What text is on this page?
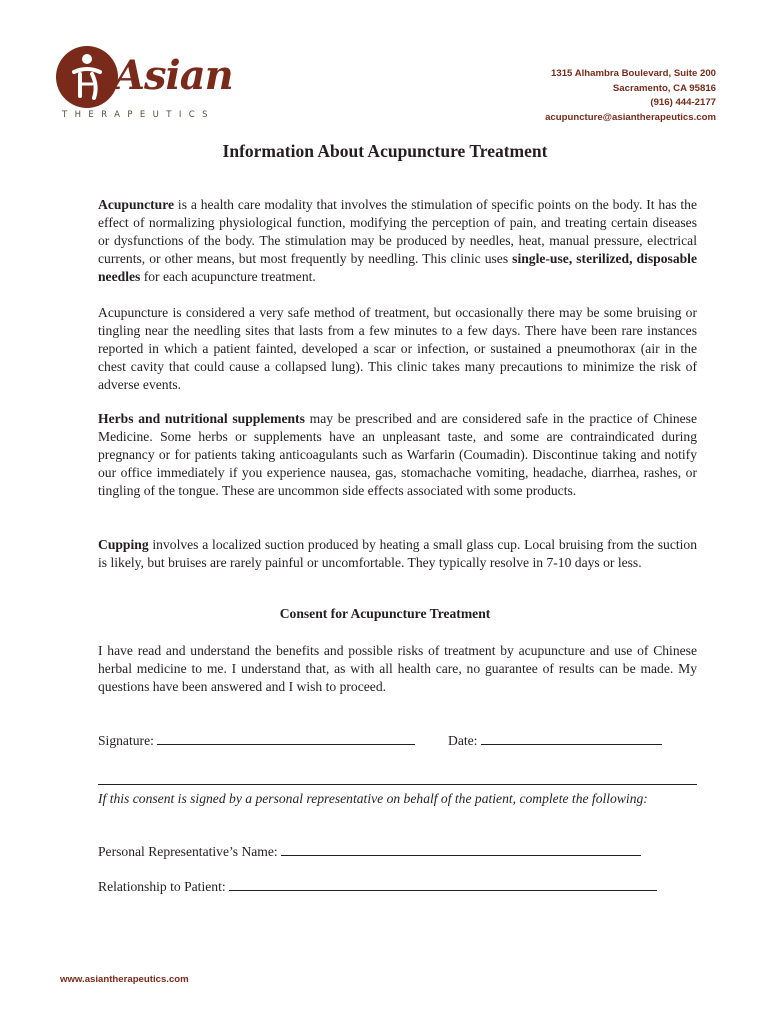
Asian
THERAPEUTICS
1315 Alhambra Boulevard, Suite 200
Sacramento, CA 95816
(916) 444-2177
acupuncture@asiantherapeutics.com
Information About Acupuncture Treatment
Acupuncture is a health care modality that involves the stimulation of specific points on the body. It has the effect of normalizing physiological function, modifying the perception of pain, and treating certain diseases or dysfunctions of the body. The stimulation may be produced by needles, heat, manual pressure, electrical currents, or other means, but most frequently by needling. This clinic uses single-use, sterilized, disposable needles for each acupuncture treatment.
Acupuncture is considered a very safe method of treatment, but occasionally there may be some bruising or tingling near the needling sites that lasts from a few minutes to a few days. There have been rare instances reported in which a patient fainted, developed a scar or infection, or sustained a pneumothorax (air in the chest cavity that could cause a collapsed lung). This clinic takes many precautions to minimize the risk of adverse events.
Herbs and nutritional supplements may be prescribed and are considered safe in the practice of Chinese Medicine. Some herbs or supplements have an unpleasant taste, and some are contraindicated during pregnancy or for patients taking anticoagulants such as Warfarin (Coumadin). Discontinue taking and notify our office immediately if you experience nausea, gas, stomachache vomiting, headache, diarrhea, rashes, or tingling of the tongue. These are uncommon side effects associated with some products.
Cupping involves a localized suction produced by heating a small glass cup. Local bruising from the suction is likely, but bruises are rarely painful or uncomfortable. They typically resolve in 7-10 days or less.
Consent for Acupuncture Treatment
I have read and understand the benefits and possible risks of treatment by acupuncture and use of Chinese herbal medicine to me. I understand that, as with all health care, no guarantee of results can be made. My questions have been answered and I wish to proceed.
Signature:	Date:
If this consent is signed by a personal representative on behalf of the patient, complete the following:
Personal Representative’s Name:
Relationship to Patient:
www.asiantherapeutics.com
